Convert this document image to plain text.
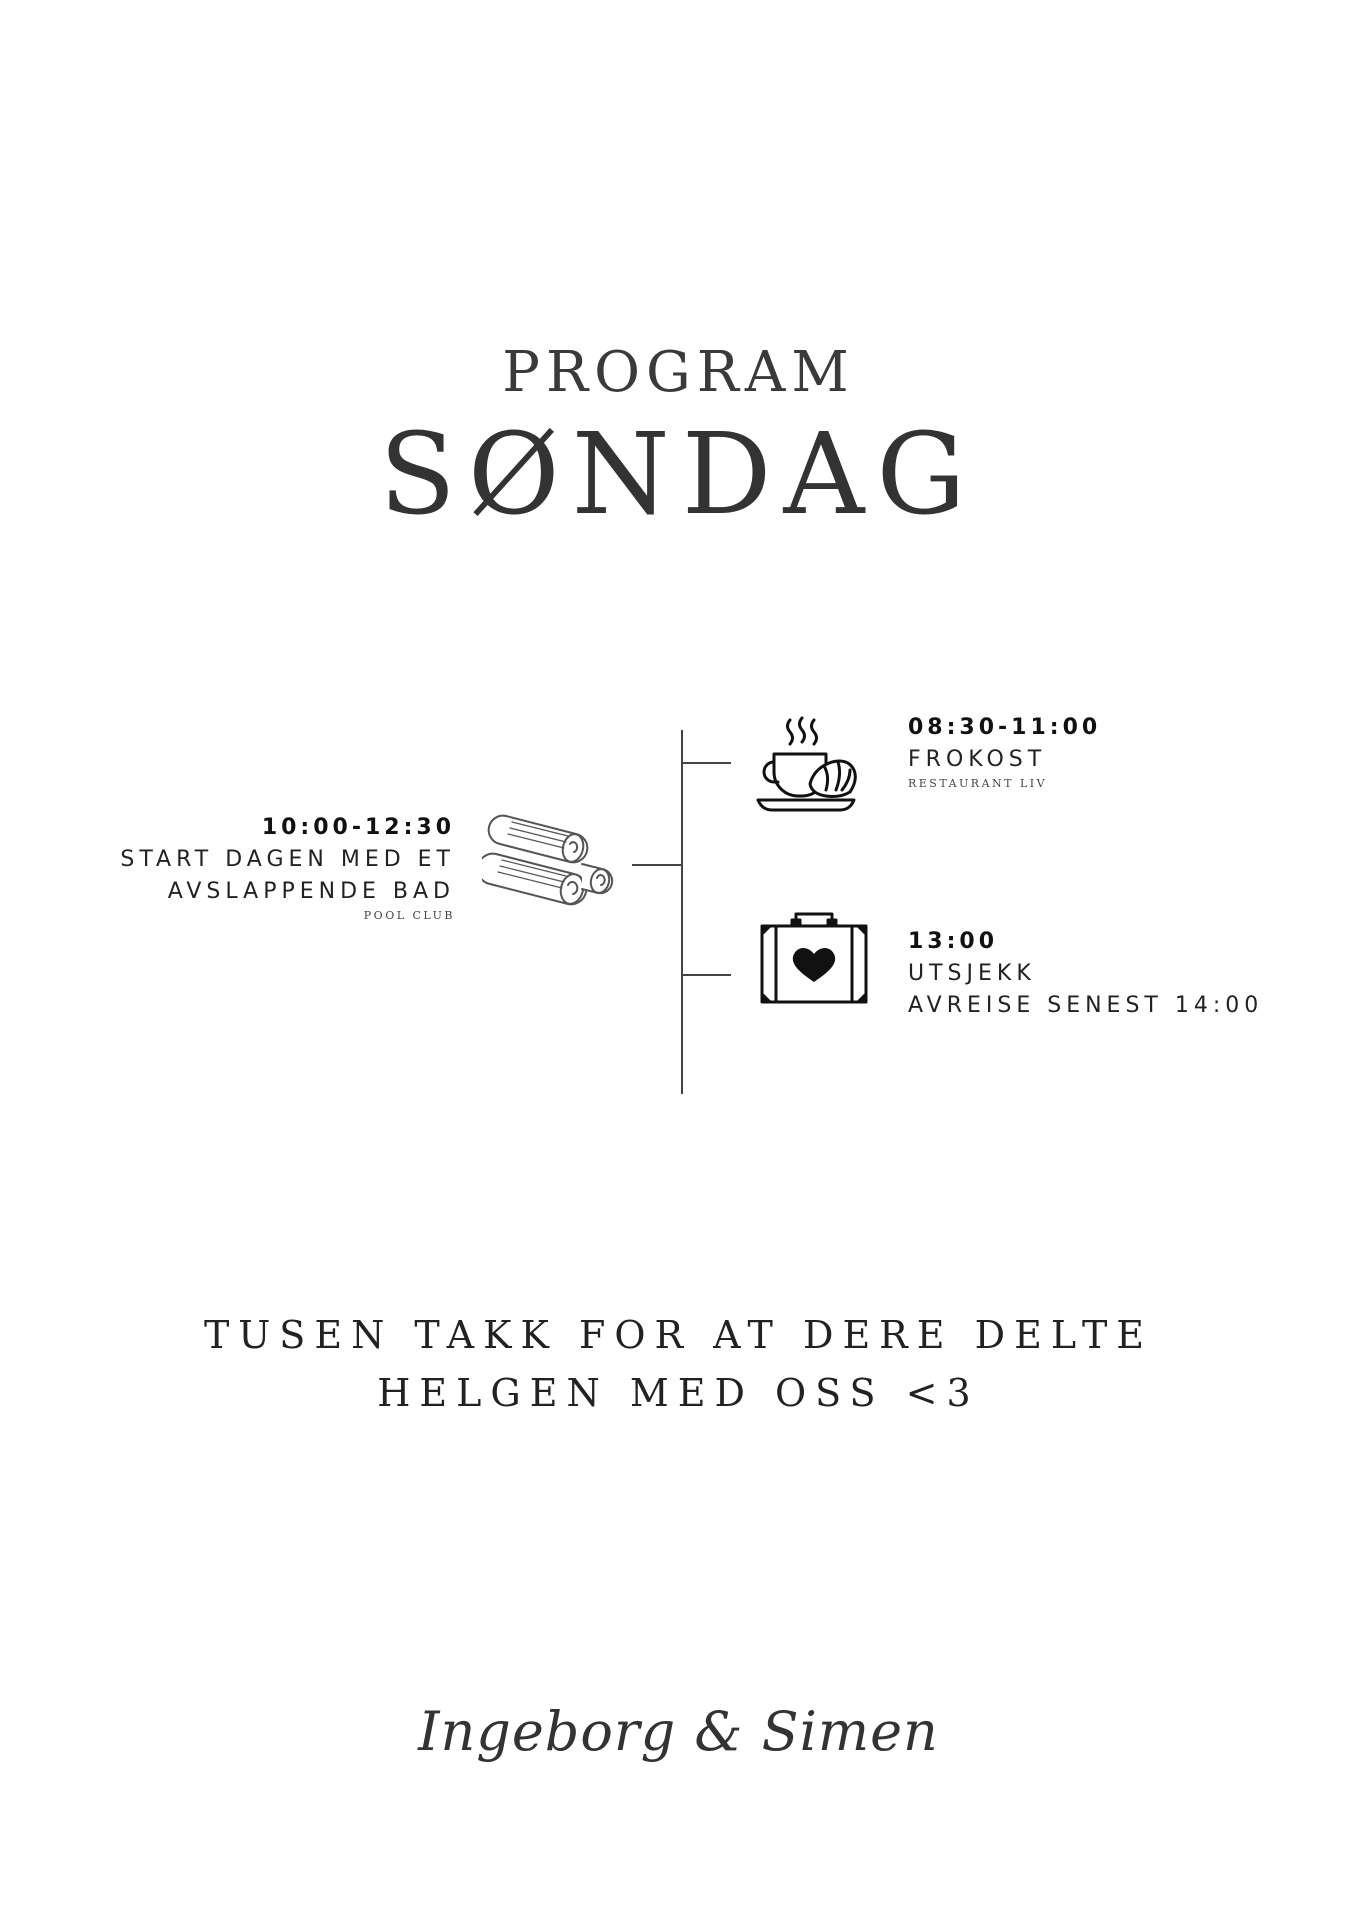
PROGRAM
SØNDAG
08:30-11:00
FROKOST
RESTAURANT LIV
10:00-12:30
START DAGEN MED ET
AVSLAPPENDE BAD
POOL CLUB
13:00
UTSJEKK
AVREISE SENEST 14:00
TUSEN TAKK FOR AT DERE DELTE
HELGEN MED OSS <3
Ingeborg & Simen
